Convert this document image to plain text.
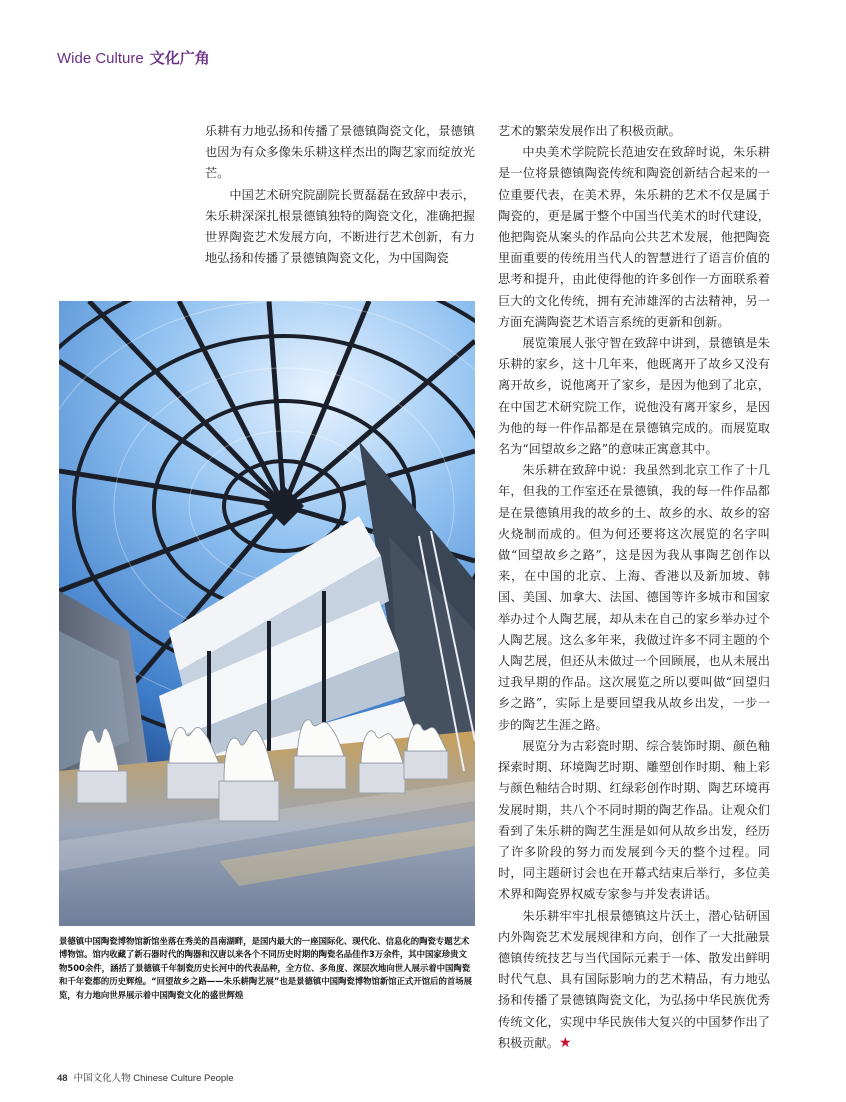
Wide Culture 文化广角

乐耕有力地弘扬和传播了景德镇陶瓷文化，景德镇也因为有众多像朱乐耕这样杰出的陶艺家而绽放光芒。

中国艺术研究院副院长贾磊磊在致辞中表示，朱乐耕深深扎根景德镇独特的陶瓷文化，准确把握世界陶瓷艺术发展方向，不断进行艺术创新，有力地弘扬和传播了景德镇陶瓷文化，为中国陶瓷

景德镇中国陶瓷博物馆新馆坐落在秀美的昌南湖畔，是国内最大的一座国际化、现代化、信息化的陶瓷专题艺术博物馆。馆内收藏了新石器时代的陶器和汉唐以来各个不同历史时期的陶瓷名品佳作3万余件，其中国家珍贵文物500余件，涵括了景德镇千年制瓷历史长河中的代表品种，全方位、多角度、深层次地向世人展示着中国陶瓷和千年瓷都的历史辉煌。“回望故乡之路——朱乐耕陶艺展”也是景德镇中国陶瓷博物馆新馆正式开馆后的首场展览，有力地向世界展示着中国陶瓷文化的盛世辉煌

艺术的繁荣发展作出了积极贡献。

中央美术学院院长范迪安在致辞时说，朱乐耕是一位将景德镇陶瓷传统和陶瓷创新结合起来的一位重要代表，在美术界，朱乐耕的艺术不仅是属于陶瓷的，更是属于整个中国当代美术的时代建设，他把陶瓷从案头的作品向公共艺术发展，他把陶瓷里面重要的传统用当代人的智慧进行了语言价值的思考和提升，由此使得他的许多创作一方面联系着巨大的文化传统，拥有充沛雄浑的古法精神，另一方面充满陶瓷艺术语言系统的更新和创新。

展览策展人张守智在致辞中讲到，景德镇是朱乐耕的家乡，这十几年来，他既离开了故乡又没有离开故乡，说他离开了家乡，是因为他到了北京，在中国艺术研究院工作，说他没有离开家乡，是因为他的每一件作品都是在景德镇完成的。而展览取名为“回望故乡之路”的意味正寓意其中。

朱乐耕在致辞中说：我虽然到北京工作了十几年，但我的工作室还在景德镇，我的每一件作品都是在景德镇用我的故乡的土、故乡的水、故乡的窑火烧制而成的。但为何还要将这次展览的名字叫做“回望故乡之路”，这是因为我从事陶艺创作以来，在中国的北京、上海、香港以及新加坡、韩国、美国、加拿大、法国、德国等许多城市和国家举办过个人陶艺展，却从未在自己的家乡举办过个人陶艺展。这么多年来，我做过许多不同主题的个人陶艺展，但还从未做过一个回顾展，也从未展出过我早期的作品。这次展览之所以要叫做“回望归乡之路”，实际上是要回望我从故乡出发，一步一步的陶艺生涯之路。

展览分为古彩瓷时期、综合装饰时期、颜色釉探索时期、环境陶艺时期、雕塑创作时期、釉上彩与颜色釉结合时期、红绿彩创作时期、陶艺环境再发展时期，共八个不同时期的陶艺作品。让观众们看到了朱乐耕的陶艺生涯是如何从故乡出发，经历了许多阶段的努力而发展到今天的整个过程。同时，同主题研讨会也在开幕式结束后举行，多位美术界和陶瓷界权威专家参与并发表讲话。

朱乐耕牢牢扎根景德镇这片沃土，潜心钻研国内外陶瓷艺术发展规律和方向，创作了一大批融景德镇传统技艺与当代国际元素于一体、散发出鲜明时代气息、具有国际影响力的艺术精品，有力地弘扬和传播了景德镇陶瓷文化，为弘扬中华民族优秀传统文化，实现中华民族伟大复兴的中国梦作出了积极贡献。★

48 中国文化人物 Chinese Culture People
